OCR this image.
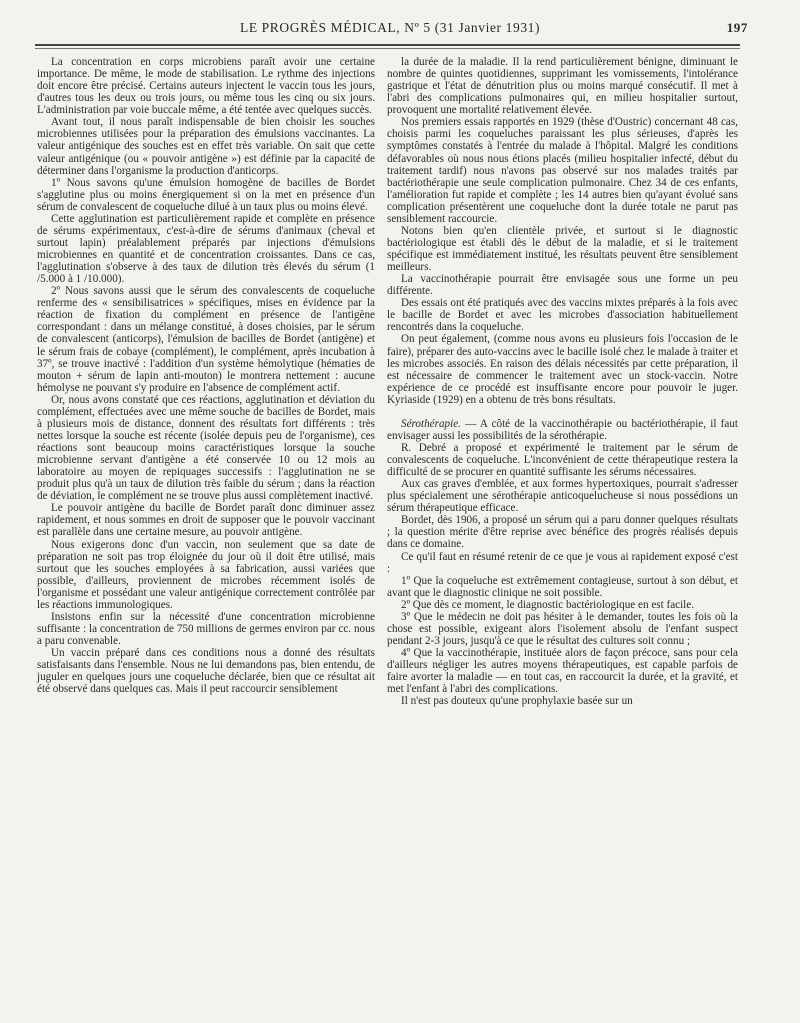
LE PROGRÈS MÉDICAL, Nº 5 (31 Janvier 1931)	197

La concentration en corps microbiens paraît avoir une certaine importance. De même, le mode de stabilisation. Le rythme des injections doit encore être précisé. Certains auteurs injectent le vaccin tous les jours, d'autres tous les deux ou trois jours, ou même tous les cinq ou six jours. L'administration par voie buccale même, a été tentée avec quelques succès.

Avant tout, il nous paraît indispensable de bien choisir les souches microbiennes utilisées pour la préparation des émulsions vaccinantes. La valeur antigénique des souches est en effet très variable. On sait que cette valeur antigénique (ou « pouvoir antigène ») est définie par la capacité de déterminer dans l'organisme la production d'anticorps.

1º Nous savons qu'une émulsion homogène de bacilles de Bordet s'agglutine plus ou moins énergiquement si on la met en présence d'un sérum de convalescent de coqueluche dilué à un taux plus ou moins élevé.

Cette agglutination est particulièrement rapide et complète en présence de sérums expérimentaux, c'est-à-dire de sérums d'animaux (cheval et surtout lapin) préalablement préparés par injections d'émulsions microbiennes en quantité et de concentration croissantes. Dans ce cas, l'agglutination s'observe à des taux de dilution très élevés du sérum (1 /5.000 à 1 /10.000).

2º Nous savons aussi que le sérum des convalescents de coqueluche renferme des « sensibilisatrices » spécifiques, mises en évidence par la réaction de fixation du complément en présence de l'antigène correspondant : dans un mélange constitué, à doses choisies, par le sérum de convalescent (anticorps), l'émulsion de bacilles de Bordet (antigène) et le sérum frais de cobaye (complément), le complément, après incubation à 37º, se trouve inactivé : l'addition d'un système hémolytique (hématies de mouton + sérum de lapin anti-mouton) le montrera nettement : aucune hémolyse ne pouvant s'y produire en l'absence de complément actif.

Or, nous avons constaté que ces réactions, agglutination et déviation du complément, effectuées avec une même souche de bacilles de Bordet, mais à plusieurs mois de distance, donnent des résultats fort différents : très nettes lorsque la souche est récente (isolée depuis peu de l'organisme), ces réactions sont beaucoup moins caractéristiques lorsque la souche microbienne servant d'antigène a été conservée 10 ou 12 mois au laboratoire au moyen de repiquages successifs : l'agglutination ne se produit plus qu'à un taux de dilution très faible du sérum ; dans la réaction de déviation, le complément ne se trouve plus aussi complètement inactivé.

Le pouvoir antigène du bacille de Bordet paraît donc diminuer assez rapidement, et nous sommes en droit de supposer que le pouvoir vaccinant est parallèle dans une certaine mesure, au pouvoir antigène.

Nous exigerons donc d'un vaccin, non seulement que sa date de préparation ne soit pas trop éloignée du jour où il doit être utilisé, mais surtout que les souches employées à sa fabrication, aussi variées que possible, d'ailleurs, proviennent de microbes récemment isolés de l'organisme et possédant une valeur antigénique correctement contrôlée par les réactions immunologiques.

Insistons enfin sur la nécessité d'une concentration microbienne suffisante : la concentration de 750 millions de germes environ par cc. nous a paru convenable.

Un vaccin préparé dans ces conditions nous a donné des résultats satisfaisants dans l'ensemble. Nous ne lui demandons pas, bien entendu, de juguler en quelques jours une coqueluche déclarée, bien que ce résultat ait été observé dans quelques cas. Mais il peut raccourcir sensiblement

la durée de la maladie. Il la rend particulièrement bénigne, diminuant le nombre de quintes quotidiennes, supprimant les vomissements, l'intolérance gastrique et l'état de dénutrition plus ou moins marqué consécutif. Il met à l'abri des complications pulmonaires qui, en milieu hospitalier surtout, provoquent une mortalité relativement élevée.

Nos premiers essais rapportés en 1929 (thèse d'Oustric) concernant 48 cas, choisis parmi les coqueluches paraissant les plus sérieuses, d'après les symptômes constatés à l'entrée du malade à l'hôpital. Malgré les conditions défavorables où nous nous étions placés (milieu hospitalier infecté, début du traitement tardif) nous n'avons pas observé sur nos malades traités par bactériothérapie une seule complication pulmonaire. Chez 34 de ces enfants, l'amélioration fut rapide et complète ; les 14 autres bien qu'ayant évolué sans complication présentèrent une coqueluche dont la durée totale ne parut pas sensiblement raccourcie.

Notons bien qu'en clientèle privée, et surtout si le diagnostic bactériologique est établi dès le début de la maladie, et si le traitement spécifique est immédiatement institué, les résultats peuvent être sensiblement meilleurs.

La vaccinothérapie pourrait être envisagée sous une forme un peu différente.

Des essais ont été pratiqués avec des vaccins mixtes préparés à la fois avec le bacille de Bordet et avec les microbes d'association habituellement rencontrés dans la coqueluche.

On peut également, (comme nous avons eu plusieurs fois l'occasion de le faire), préparer des auto-vaccins avec le bacille isolé chez le malade à traiter et les microbes associés. En raison des délais nécessités par cette préparation, il est nécessaire de commencer le traitement avec un stock-vaccin. Notre expérience de ce procédé est insuffisante encore pour pouvoir le juger. Kyriaside (1929) en a obtenu de très bons résultats.

Sérothérapie. — A côté de la vaccinothérapie ou bactériothérapie, il faut envisager aussi les possibilités de la sérothérapie.

R. Debré a proposé et expérimenté le traitement par le sérum de convalescents de coqueluche. L'inconvénient de cette thérapeutique restera la difficulté de se procurer en quantité suffisante les sérums nécessaires.

Aux cas graves d'emblée, et aux formes hypertoxiques, pourrait s'adresser plus spécialement une sérothérapie anticoquelucheuse si nous possédions un sérum thérapeutique efficace.

Bordet, dès 1906, a proposé un sérum qui a paru donner quelques résultats ; la question mérite d'être reprise avec bénéfice des progrès réalisés depuis dans ce domaine.

Ce qu'il faut en résumé retenir de ce que je vous ai rapidement exposé c'est :

1º Que la coqueluche est extrêmement contagieuse, surtout à son début, et avant que le diagnostic clinique ne soit possible.

2º Que dès ce moment, le diagnostic bactériologique en est facile.

3º Que le médecin ne doit pas hésiter à le demander, toutes les fois où la chose est possible, exigeant alors l'isolement absolu de l'enfant suspect pendant 2-3 jours, jusqu'à ce que le résultat des cultures soit connu ;

4º Que la vaccinothérapie, instituée alors de façon précoce, sans pour cela d'ailleurs négliger les autres moyens thérapeutiques, est capable parfois de faire avorter la maladie — en tout cas, en raccourcit la durée, et la gravité, et met l'enfant à l'abri des complications.

Il n'est pas douteux qu'une prophylaxie basée sur un
